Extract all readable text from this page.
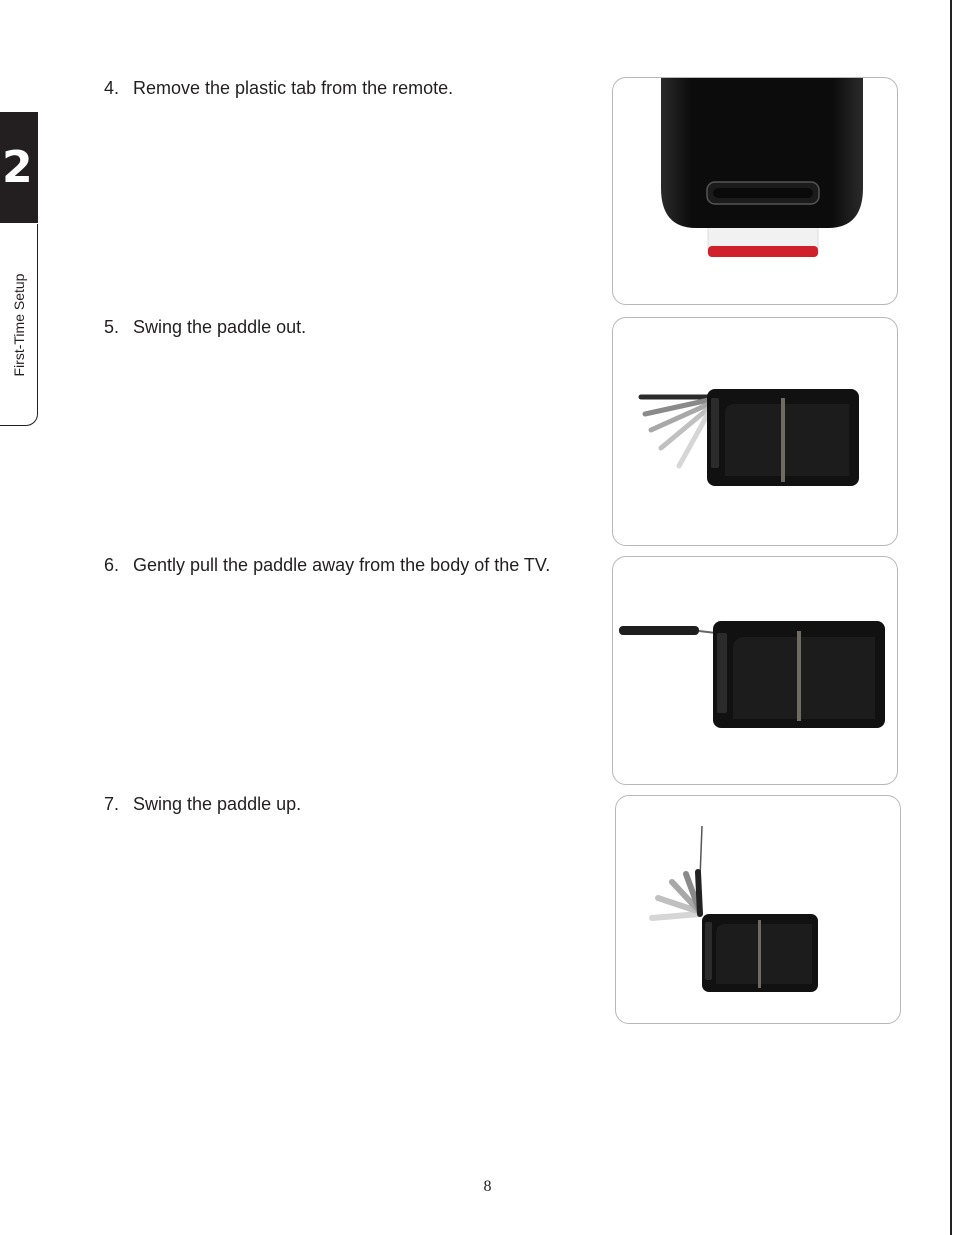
2
First-Time Setup
4. Remove the plastic tab from the remote.
5. Swing the paddle out.
6. Gently pull the paddle away from the body of the TV.
7. Swing the paddle up.
8
